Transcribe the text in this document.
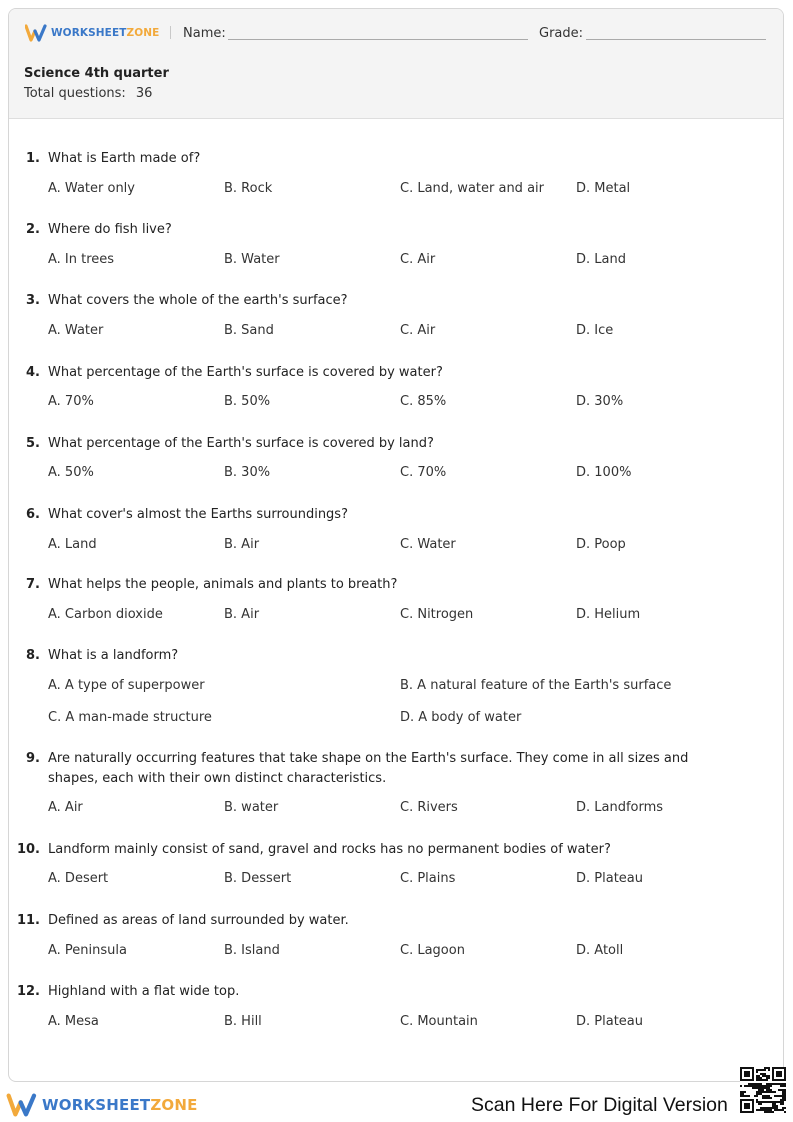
WORKSHEETZONE Name:	Grade:
Science 4th quarter
Total questions: 36
1. What is Earth made of?
A. Water only	B. Rock	C. Land, water and air D. Metal
2. Where do fish live?
A. In trees	B. Water	C. Air	D. Land
3. What covers the whole of the earth's surface?
A. Water	B. Sand	C. Air	D. Ice
4. What percentage of the Earth's surface is covered by water?
A. 70%	B. 50%	C. 85%	D. 30%
5. What percentage of the Earth's surface is covered by land?
A. 50%	B. 30%	C. 70%	D. 100%
6. What cover's almost the Earths surroundings?
A. Land	B. Air	C. Water	D. Poop
7. What helps the people, animals and plants to breath?
A. Carbon dioxide	B. Air	C. Nitrogen	D. Helium
8. What is a landform?
A. A type of superpower	B. A natural feature of the Earth's surface
C. A man-made structure	D. A body of water
9. Are naturally occurring features that take shape on the Earth's surface. They come in all sizes and shapes, each with their own distinct characteristics.
A. Air	B. water	C. Rivers	D. Landforms
10. Landform mainly consist of sand, gravel and rocks has no permanent bodies of water?
A. Desert	B. Dessert	C. Plains	D. Plateau
11. Defined as areas of land surrounded by water.
A. Peninsula	B. Island	C. Lagoon	D. Atoll
12. Highland with a flat wide top.
A. Mesa	B. Hill	C. Mountain	D. Plateau
WORKSHEETZONE	Scan Here For Digital Version
